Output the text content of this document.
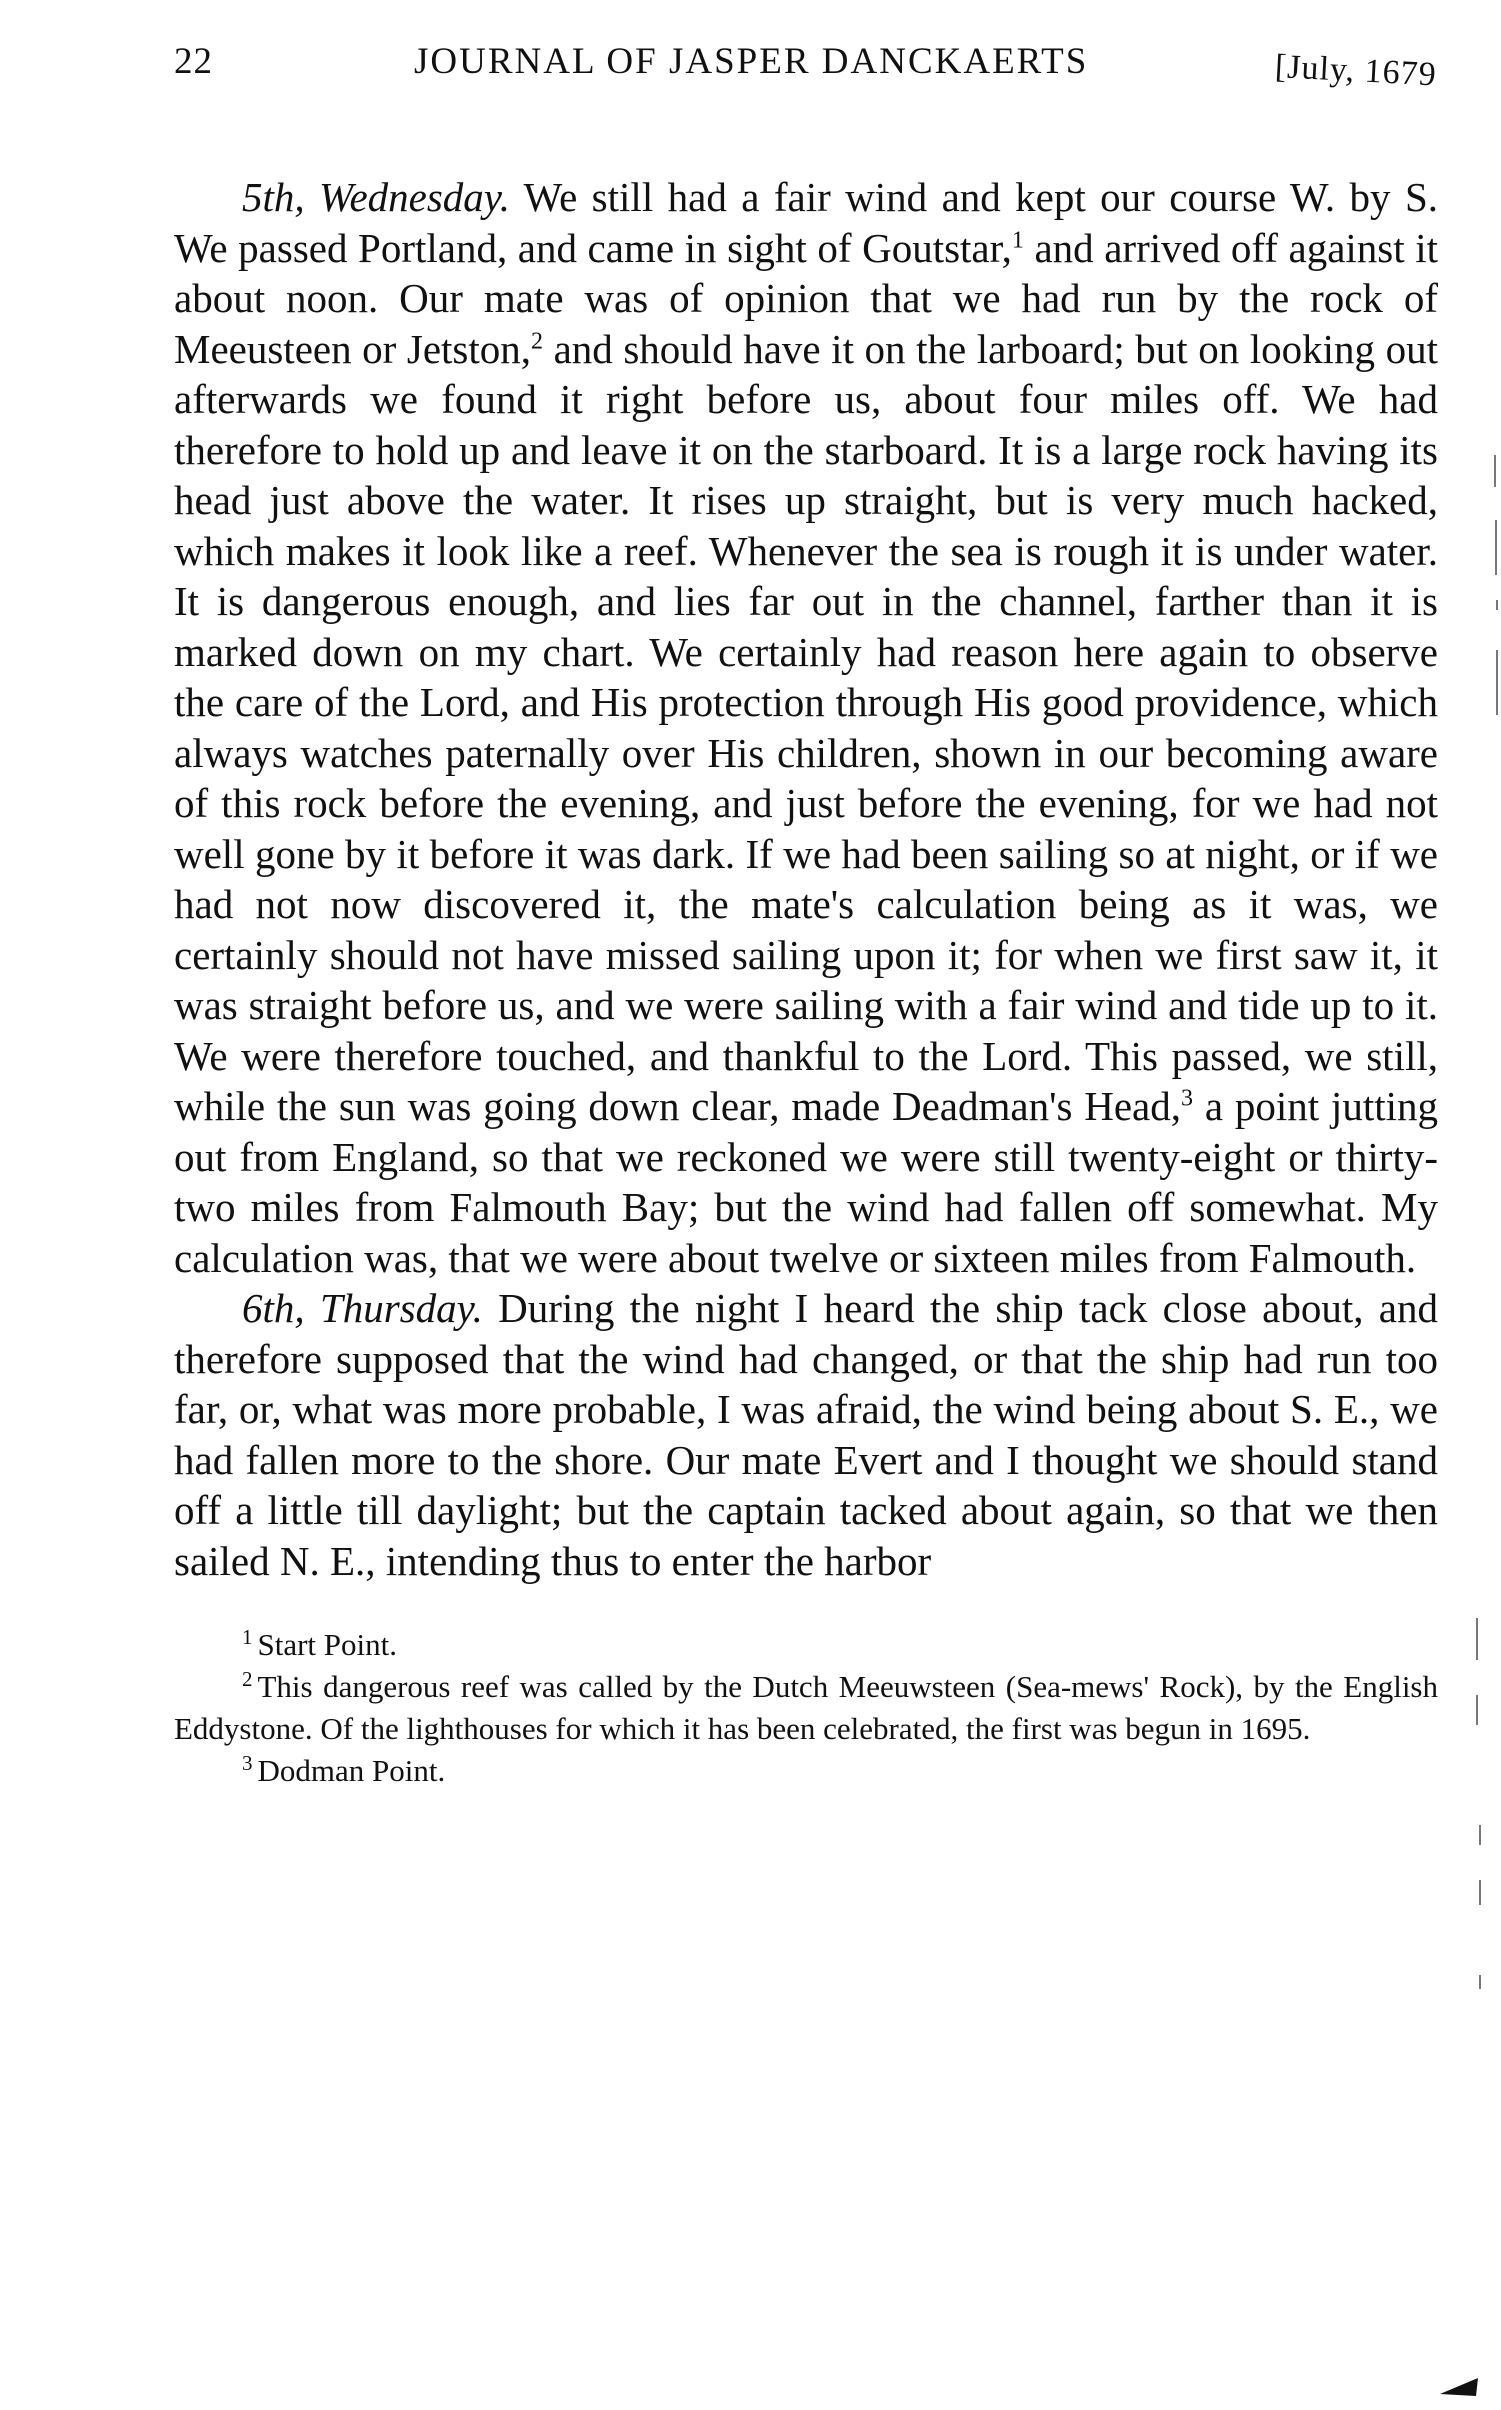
22	JOURNAL OF JASPER DANCKAERTS	[July, 1679

5th, Wednesday. We still had a fair wind and kept our course W. by S. We passed Portland, and came in sight of Goutstar,$^1$ and arrived off against it about noon. Our mate was of opinion that we had run by the rock of Meeusteen or Jetston,$^2$ and should have it on the larboard; but on looking out afterwards we found it right before us, about four miles off. We had therefore to hold up and leave it on the starboard. It is a large rock having its head just above the water. It rises up straight, but is very much hacked, which makes it look like a reef. Whenever the sea is rough it is under water. It is dangerous enough, and lies far out in the channel, farther than it is marked down on my chart. We certainly had reason here again to observe the care of the Lord, and His protection through His good providence, which always watches paternally over His children, shown in our becoming aware of this rock before the evening, and just before the evening, for we had not well gone by it before it was dark. If we had been sailing so at night, or if we had not now discovered it, the mate's calculation being as it was, we certainly should not have missed sailing upon it; for when we first saw it, it was straight before us, and we were sailing with a fair wind and tide up to it. We were therefore touched, and thankful to the Lord. This passed, we still, while the sun was going down clear, made Deadman's Head,$^3$ a point jutting out from England, so that we reckoned we were still twenty-eight or thirty-two miles from Falmouth Bay; but the wind had fallen off somewhat. My calculation was, that we were about twelve or sixteen miles from Falmouth.

6th, Thursday. During the night I heard the ship tack close about, and therefore supposed that the wind had changed, or that the ship had run too far, or, what was more probable, I was afraid, the wind being about S. E., we had fallen more to the shore. Our mate Evert and I thought we should stand off a little till daylight; but the captain tacked about again, so that we then sailed N. E., intending thus to enter the harbor

$^1$ Start Point.

$^2$ This dangerous reef was called by the Dutch Meeuwsteen (Sea-mews' Rock), by the English Eddystone. Of the lighthouses for which it has been celebrated, the first was begun in 1695.

$^3$ Dodman Point.
